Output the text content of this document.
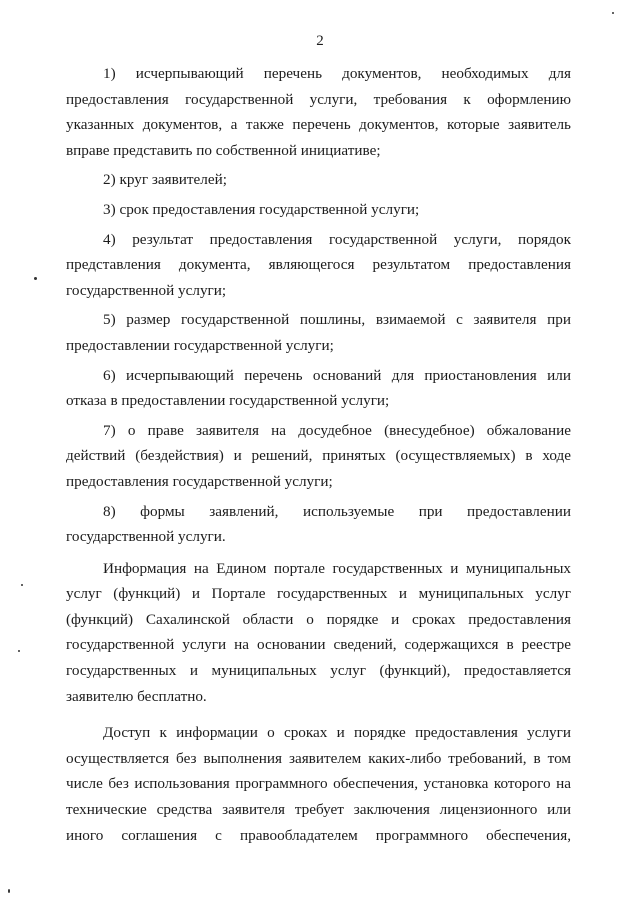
2

1) исчерпывающий перечень документов, необходимых для предоставления государственной услуги, требования к оформлению указанных документов, а также перечень документов, которые заявитель вправе представить по собственной инициативе;

2) круг заявителей;

3) срок предоставления государственной услуги;

4) результат предоставления государственной услуги, порядок представления документа, являющегося результатом предоставления государственной услуги;

5) размер государственной пошлины, взимаемой с заявителя при предоставлении государственной услуги;

6) исчерпывающий перечень оснований для приостановления или отказа в предоставлении государственной услуги;

7) о праве заявителя на досудебное (внесудебное) обжалование действий (бездействия) и решений, принятых (осуществляемых) в ходе предоставления государственной услуги;

8) формы заявлений, используемые при предоставлении государственной услуги.

Информация на Едином портале государственных и муниципальных услуг (функций) и Портале государственных и муниципальных услуг (функций) Сахалинской области о порядке и сроках предоставления государственной услуги на основании сведений, содержащихся в реестре государственных и муниципальных услуг (функций), предоставляется заявителю бесплатно.

Доступ к информации о сроках и порядке предоставления услуги осуществляется без выполнения заявителем каких-либо требований, в том числе без использования программного обеспечения, установка которого на технические средства заявителя требует заключения лицензионного или иного соглашения с правообладателем программного обеспечения,
